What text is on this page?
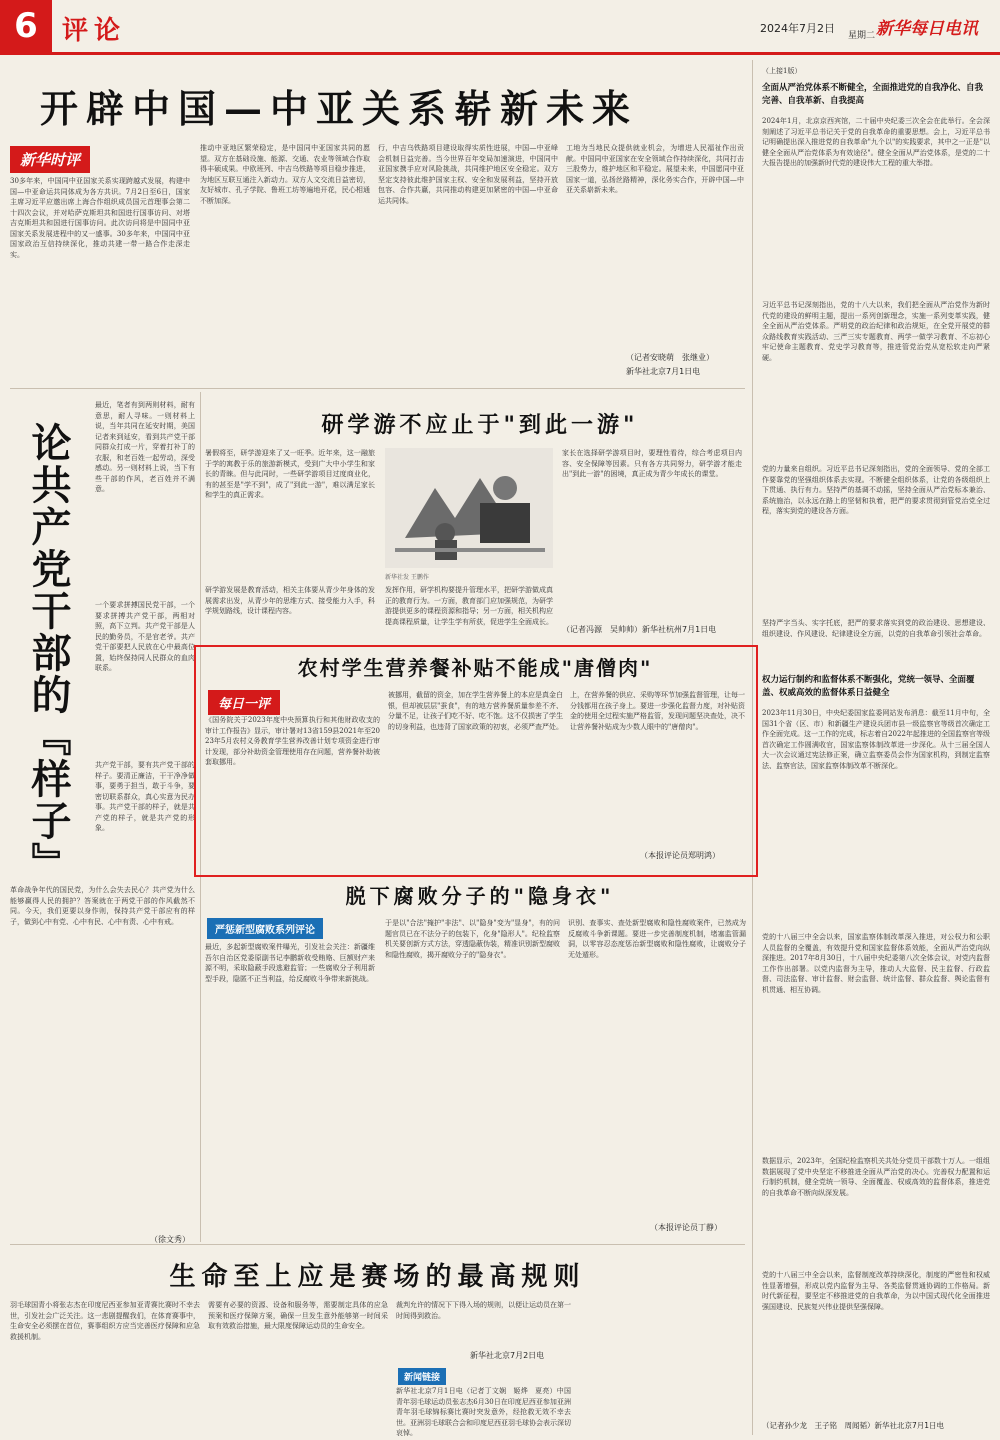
6 评论	2024年7月2日
星期二 新华每日电讯
开辟中国—中亚关系崭新未来
新华时评
30多年来，中国同中亚国家关系实现跨越式发展，构建中国—中亚命运共同体成为各方共识。7月2日至6日，国家主席习近平应邀出席上海合作组织成员国元首理事会第二十四次会议，并对哈萨克斯坦共和国进行国事访问、对塔吉克斯坦共和国进行国事访问。此次访问将是中国同中亚国家关系发展进程中的又一盛事。30多年来，中国同中亚国家政治互信持续深化，推动共建一带一路合作走深走实。
推动中亚地区繁荣稳定，是中国同中亚国家共同的愿望。双方在基础设施、能源、交通、农业等领域合作取得丰硕成果。中欧班列、中吉乌铁路等项目稳步推进，为地区互联互通注入新动力。双方人文交流日益密切，友好城市、孔子学院、鲁班工坊等遍地开花，民心相通不断加深。
行，中吉乌铁路项目建设取得实质性进展，中国—中亚峰会机制日益完善。当今世界百年变局加速演进，中国同中亚国家携手应对风险挑战，共同维护地区安全稳定。双方坚定支持彼此维护国家主权、安全和发展利益，坚持开放包容、合作共赢，共同推动构建更加紧密的中国—中亚命运共同体。
工地为当地民众提供就业机会，为增进人民福祉作出贡献。中国同中亚国家在安全领域合作持续深化，共同打击三股势力，维护地区和平稳定。展望未来，中国愿同中亚国家一道，弘扬丝路精神，深化务实合作，开辟中国—中亚关系崭新未来。
（记者安晓萌　张继业）
新华社北京7月1日电
论共产党干部的『样子』
最近，笔者有到两则材料，耐有意思，耐人寻味。一则材料上说，当年共同在延安时期，美国记者来到延安，看到共产党干部同群众打成一片，穿着打补丁的衣服，和老百姓一起劳动，深受感动。另一则材料上说，当下有些干部的作风，老百姓并不满意。
一个要求拼搏国民党干部，一个要求拼搏共产党干部，两相对照，高下立判。共产党干部是人民的勤务员，不是官老爷。共产党干部要把人民放在心中最高位置，始终保持同人民群众的血肉联系。
共产党干部，要有共产党干部的样子。要清正廉洁，干干净净做事，要勇于担当，敢于斗争，要密切联系群众，真心实意为民办事。共产党干部的样子，就是共产党的样子，就是共产党的形象。
革命战争年代的国民党，为什么会失去民心？共产党为什么能够赢得人民的拥护？答案就在于两党干部的作风截然不同。今天，我们更要以身作则，保持共产党干部应有的样子，做到心中有党、心中有民、心中有责、心中有戒。
（徐文秀）
研学游不应止于"到此一游"
暑假将至，研学游迎来了又一旺季。近年来，这一融旅于学的寓教于乐的旅游新模式，受到广大中小学生和家长的青睐。但与此同时，一些研学游项目过度商业化，有的甚至是"学不到"，成了"到此一游"，难以满足家长和学生的真正需求。
研学游发展是教育活动，相关主体要从青少年身体的发展需求出发，从青少年的思维方式、接受能力入手，科学规划路线，设计课程内容。
新华社发 王鹏作
发挥作用，研学机构要提升管理水平，把研学游做成真正的教育行为。一方面，教育部门应加强规范，为研学游提供更多的课程资源和指导；另一方面，相关机构应提高课程质量，让学生学有所获，促进学生全面成长。
家长在选择研学游项目时，要理性看待，综合考虑项目内容、安全保障等因素。只有各方共同努力，研学游才能走出"到此一游"的困境，真正成为青少年成长的课堂。
（记者冯源　吴帅帅）新华社杭州7月1日电
农村学生营养餐补贴不能成"唐僧肉"
每日一评
《国务院关于2023年度中央预算执行和其他财政收支的审计工作报告》显示，审计署对13省159县2021年至2023年5月农村义务教育学生营养改善计划专项资金进行审计发现，部分补助资金管理使用存在问题，营养餐补助被套取挪用。
被挪用，截留的资金，加在学生营养餐上的本应是真金白银，但却被层层"蚕食"，有的地方营养餐质量参差不齐、分量不足，让孩子们吃不好、吃不饱。这不仅损害了学生的切身利益，也违背了国家政策的初衷，必须严查严处。
上，在营养餐的供应、采购等环节加强监督管理，让每一分钱都用在孩子身上。要进一步强化监督力度，对补贴资金的使用全过程实施严格监管，发现问题坚决查处，决不让营养餐补贴成为少数人眼中的"唐僧肉"。
（本报评论员郑明鸿）
脱下腐败分子的"隐身衣"
严惩新型腐败系列评论
最近，多起新型腐败案件曝光，引发社会关注：新疆维吾尔自治区党委原副书记李鹏新收受贿赂、巨额财产来源不明，采取隐蔽手段逃避监管；一些腐败分子利用新型手段，隐匿不正当利益，给反腐败斗争带来新挑战。
于是以"合法"掩护"非法"、以"隐身"变为"显身"，有的问题官员已在不法分子的包装下，化身"隐形人"。纪检监察机关要创新方式方法，穿透隐蔽伪装，精准识别新型腐败和隐性腐败，揭开腐败分子的"隐身衣"。
识别、查事实、查处新型腐败和隐性腐败案件，已然成为反腐败斗争新课题。要进一步完善制度机制，堵塞监管漏洞，以零容忍态度惩治新型腐败和隐性腐败，让腐败分子无处遁形。
（本报评论员丁静）
生命至上应是赛场的最高规则
羽毛球国青小将张志杰在印度尼西亚参加亚青赛比赛时不幸去世，引发社会广泛关注。这一悲剧提醒我们，在体育赛事中，生命安全必须摆在首位，赛事组织方应当完善医疗保障和应急救援机制。
需要有必要的资源、设备和服务等，需要制定具体的应急预案和医疗保障方案，确保一旦发生意外能够第一时间采取有效救治措施，最大限度保障运动员的生命安全。
裁判允许的情况下下得入场的规则，以便让运动员在第一时间得到救治。
新华社北京7月2日电
新闻链接
新华社北京7月1日电（记者丁文娴　姬烨　夏亮）中国青年羽毛球运动员张志杰6月30日在印度尼西亚参加亚洲青年羽毛球锦标赛比赛时突发意外，经抢救无效不幸去世。亚洲羽毛球联合会和印度尼西亚羽毛球协会表示深切哀悼。
（上接1版）
全面从严治党体系不断健全，全面推进党的自我净化、自我完善、自我革新、自我提高
2024年1月，北京京西宾馆，二十届中央纪委三次全会在此举行。全会深刻阐述了习近平总书记关于党的自我革命的重要思想。会上，习近平总书记明确提出深入推进党的自我革命"九个以"的实践要求，其中之一正是"以健全全面从严治党体系为有效途径"。健全全面从严治党体系，是党的二十大报告提出的加强新时代党的建设伟大工程的重大举措。
习近平总书记深刻指出，党的十八大以来，我们把全面从严治党作为新时代党的建设的鲜明主题，提出一系列创新理念，实施一系列变革实践，健全全面从严治党体系。严明党的政治纪律和政治规矩，在全党开展党的群众路线教育实践活动、三严三实专题教育、两学一做学习教育、不忘初心牢记使命主题教育、党史学习教育等，推进管党治党从宽松软走向严紧硬。
党的力量来自组织。习近平总书记深刻指出，党的全面领导、党的全部工作要靠党的坚强组织体系去实现。不断健全组织体系，让党的各级组织上下贯通、执行有力。坚持严的基调不动摇，坚持全面从严治党标本兼治、系统施治，以永远在路上的坚韧和执着，把严的要求贯彻到管党治党全过程，落实到党的建设各方面。
坚持严字当头、实字托底，把严的要求落实到党的政治建设、思想建设、组织建设、作风建设、纪律建设全方面，以党的自我革命引领社会革命。
权力运行制约和监督体系不断强化，党统一领导、全面覆盖、权威高效的监督体系日益健全
2023年11月30日，中央纪委国家监委网站发布消息：截至11月中旬，全国31个省（区、市）和新疆生产建设兵团市县一级监察官等级首次确定工作全面完成。这一工作的完成，标志着自2022年起推进的全国监察官等级首次确定工作圆满收官，国家监察体制改革进一步深化。从十三届全国人大一次会议通过宪法修正案，确立监察委员会作为国家机构，到制定监察法、监察官法，国家监察体制改革不断深化。
党的十八届三中全会以来，国家监察体制改革深入推进，对公权力和公职人员监督的全覆盖，有效提升党和国家监督体系效能，全面从严治党向纵深推进。2017年8月30日，十八届中央纪委第八次全体会议，对党内监督工作作出部署。以党内监督为主导，推动人大监督、民主监督、行政监督、司法监督、审计监督、财会监督、统计监督、群众监督、舆论监督有机贯通、相互协调。
数据显示，2023年，全国纪检监察机关共处分党员干部数十万人。一组组数据展现了党中央坚定不移推进全面从严治党的决心。完善权力配置和运行制约机制，健全党统一领导、全面覆盖、权威高效的监督体系，推进党的自我革命不断向纵深发展。
党的十八届三中全会以来，监督制度改革持续深化，制度的严密性和权威性显著增强，形成以党内监督为主导、各类监督贯通协调的工作格局。新时代新征程，要坚定不移推进党的自我革命，为以中国式现代化全面推进强国建设、民族复兴伟业提供坚强保障。
（记者孙少龙　王子铭　周闻韬）新华社北京7月1日电
